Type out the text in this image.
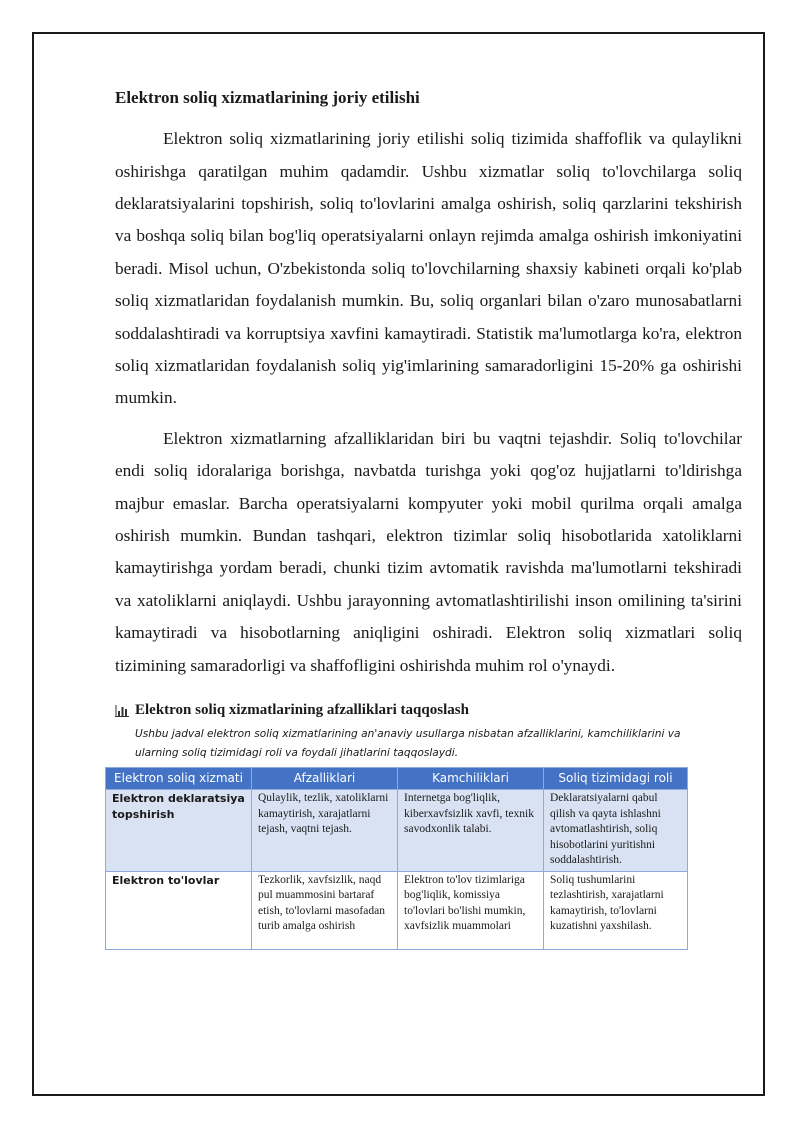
Elektron soliq xizmatlarining joriy etilishi

Elektron soliq xizmatlarining joriy etilishi soliq tizimida shaffoflik va qulaylikni oshirishga qaratilgan muhim qadamdir. Ushbu xizmatlar soliq to'lovchilarga soliq deklaratsiyalarini topshirish, soliq to'lovlarini amalga oshirish, soliq qarzlarini tekshirish va boshqa soliq bilan bog'liq operatsiyalarni onlayn rejimda amalga oshirish imkoniyatini beradi. Misol uchun, O'zbekistonda soliq to'lovchilarning shaxsiy kabineti orqali ko'plab soliq xizmatlaridan foydalanish mumkin. Bu, soliq organlari bilan o'zaro munosabatlarni soddalashtiradi va korruptsiya xavfini kamaytiradi. Statistik ma'lumotlarga ko'ra, elektron soliq xizmatlaridan foydalanish soliq yig'imlarining samaradorligini 15-20% ga oshirishi mumkin.

Elektron xizmatlarning afzalliklaridan biri bu vaqtni tejashdir. Soliq to'lovchilar endi soliq idoralariga borishga, navbatda turishga yoki qog'oz hujjatlarni to'ldirishga majbur emaslar. Barcha operatsiyalarni kompyuter yoki mobil qurilma orqali amalga oshirish mumkin. Bundan tashqari, elektron tizimlar soliq hisobotlarida xatoliklarni kamaytirishga yordam beradi, chunki tizim avtomatik ravishda ma'lumotlarni tekshiradi va xatoliklarni aniqlaydi. Ushbu jarayonning avtomatlashtirilishi inson omilining ta'sirini kamaytiradi va hisobotlarning aniqligini oshiradi. Elektron soliq xizmatlari soliq tizimining samaradorligi va shaffofligini oshirishda muhim rol o'ynaydi.

Elektron soliq xizmatlarining afzalliklari taqqoslash
Ushbu jadval elektron soliq xizmatlarining an'anaviy usullarga nisbatan afzalliklarini, kamchiliklarini va ularning soliq tizimidagi roli va foydali jihatlarini taqqoslaydi.
Elektron soliq xizmati	Afzalliklari	Kamchiliklari	Soliq tizimidagi roli
Elektron deklaratsiya topshirish	Qulaylik, tezlik, xatoliklarni kamaytirish, xarajatlarni tejash, vaqtni tejash.	Internetga bog'liqlik, kiberxavfsizlik xavfi, texnik savodxonlik talabi.	Deklaratsiyalarni qabul qilish va qayta ishlashni avtomatlashtirish, soliq hisobotlarini yuritishni soddalashtirish.

Elektron to'lovlar	Tezkorlik, xavfsizlik, naqd pul muammosini bartaraf etish, to'lovlarni masofadan turib amalga oshirish	Elektron to'lov tizimlariga bog'liqlik, komissiya to'lovlari bo'lishi mumkin, xavfsizlik muammolari	Soliq tushumlarini tezlashtirish, xarajatlarni kamaytirish, to'lovlarni kuzatishni yaxshilash.
